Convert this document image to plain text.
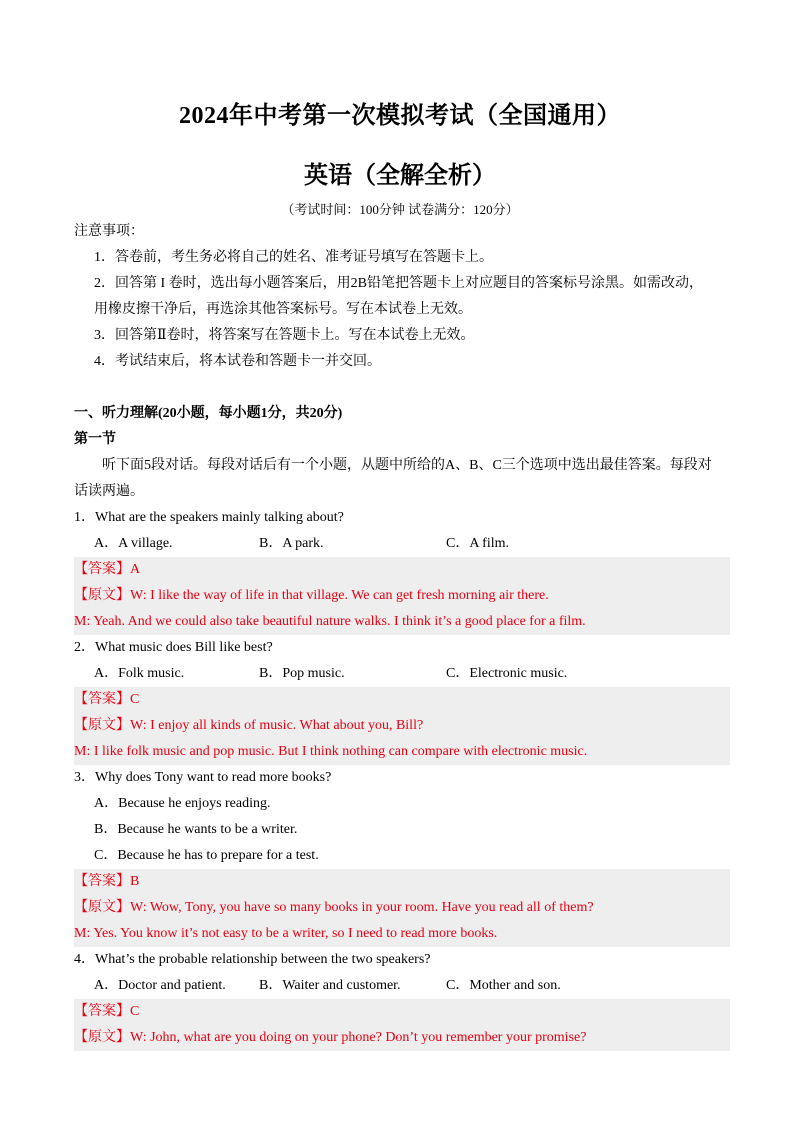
2024年中考第一次模拟考试（全国通用）
英语（全解全析）
（考试时间：100分钟 试卷满分：120分）
注意事项：
1．答卷前，考生务必将自己的姓名、准考证号填写在答题卡上。
2．回答第 I 卷时，选出每小题答案后，用2B铅笔把答题卡上对应题目的答案标号涂黑。如需改动，
用橡皮擦干净后，再选涂其他答案标号。写在本试卷上无效。
3．回答第Ⅱ卷时，将答案写在答题卡上。写在本试卷上无效。
4．考试结束后，将本试卷和答题卡一并交回。
一、听力理解(20小题，每小题1分，共20分)
第一节
听下面5段对话。每段对话后有一个小题，从题中所给的A、B、C三个选项中选出最佳答案。每段对
话读两遍。
1．What are the speakers mainly talking about?
A．A village.	B．A park.	C．A film.
【答案】A
【原文】W: I like the way of life in that village. We can get fresh morning air there.
M: Yeah. And we could also take beautiful nature walks. I think it’s a good place for a film.
2．What music does Bill like best?
A．Folk music.	B．Pop music.	C．Electronic music.
【答案】C
【原文】W: I enjoy all kinds of music. What about you, Bill?
M: I like folk music and pop music. But I think nothing can compare with electronic music.
3．Why does Tony want to read more books?
A．Because he enjoys reading.
B．Because he wants to be a writer.
C．Because he has to prepare for a test.
【答案】B
【原文】W: Wow, Tony, you have so many books in your room. Have you read all of them?
M: Yes. You know it’s not easy to be a writer, so I need to read more books.
4．What’s the probable relationship between the two speakers?
A．Doctor and patient.	B．Waiter and customer.	C．Mother and son.
【答案】C
【原文】W: John, what are you doing on your phone? Don’t you remember your promise?
